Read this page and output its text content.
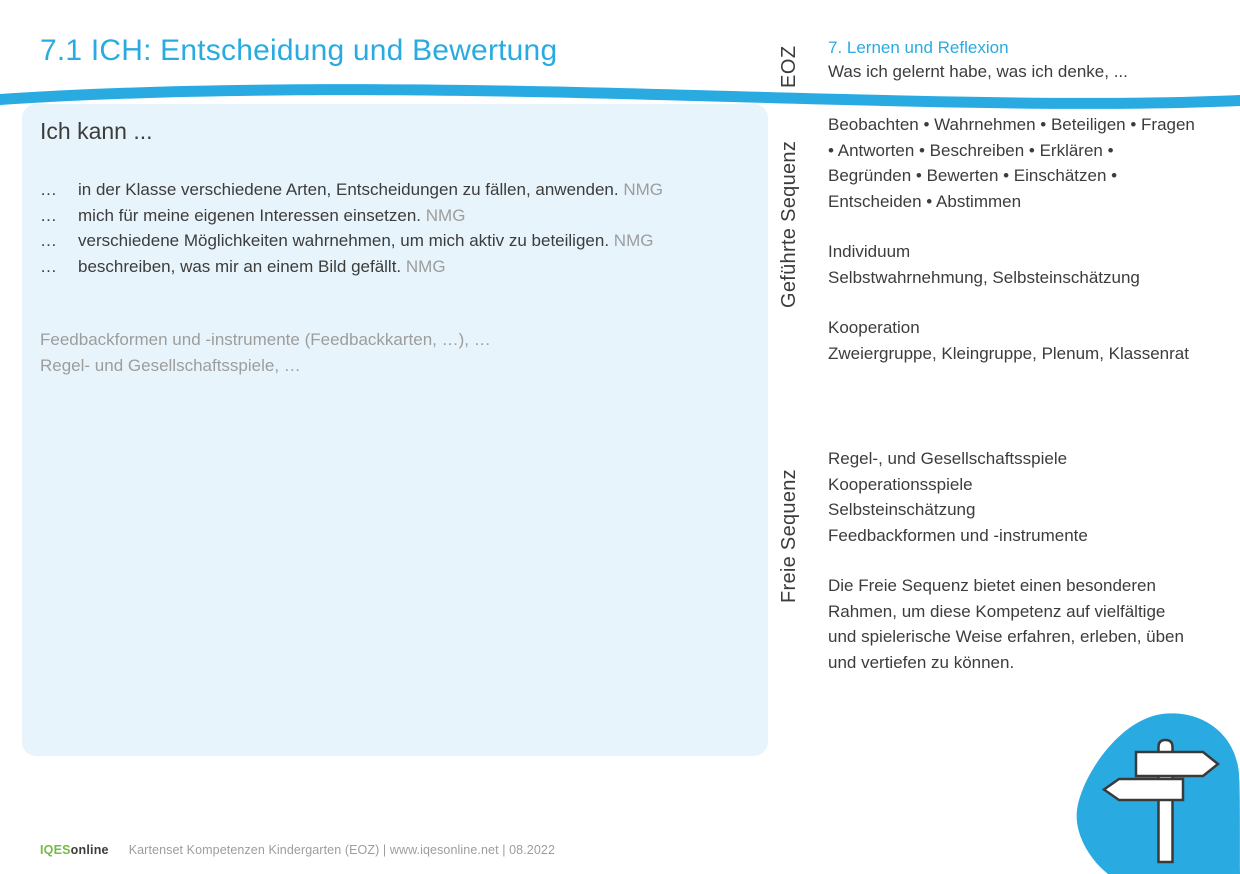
7.1 ICH: Entscheidung und Bewertung	EOZ 7. Lernen und Reflexion
Was ich gelernt habe, was ich denke, ...
Ich kann ...
…	in der Klasse verschiedene Arten, Entscheidungen zu fällen, anwenden. NMG
…	mich für meine eigenen Interessen einsetzen. NMG
…	verschiedene Möglichkeiten wahrnehmen, um mich aktiv zu beteiligen. NMG
…	beschreiben, was mir an einem Bild gefällt. NMG
Feedbackformen und -instrumente (Feedbackkarten, …), …
Regel- und Gesellschaftsspiele, …
Geführte Sequenz
Beobachten • Wahrnehmen • Beteiligen • Fragen • Antworten • Beschreiben • Erklären • Begründen • Bewerten • Einschätzen • Entscheiden • Abstimmen
Individuum
Selbstwahrnehmung, Selbsteinschätzung
Kooperation
Zweiergruppe, Kleingruppe, Plenum, Klassenrat
Freie Sequenz
Regel-, und Gesellschaftsspiele
Kooperationsspiele
Selbsteinschätzung
Feedbackformen und -instrumente
Die Freie Sequenz bietet einen besonderen Rahmen, um diese Kompetenz auf vielfältige und spielerische Weise erfahren, erleben, üben und vertiefen zu können.
IQESonline Kartenset Kompetenzen Kindergarten (EOZ) | www.iqesonline.net | 08.2022
